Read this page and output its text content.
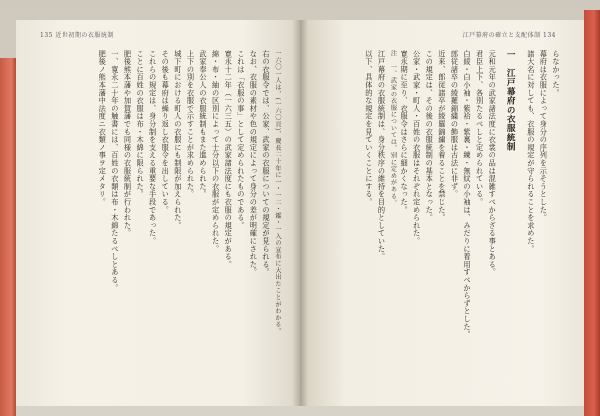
135 近世初期の衣服統制

一六〇一人は、(一六〇頁)、慶長二十年に一・一二・鑑・一入の宣布に大出たことがわかる。

右の衣服令では、公家、武家の衣服についての規定が見られる。

なお、衣服の素材や色の規定によって身分の差が明確にされた。

これは「衣服の事」として定められたものである。

寛永十二年（一六三五）の武家諸法度にも衣服の規定がある。

綿・布・紬の区別によって士分以下の衣服が定められた。

武家奉公人の衣服統制もまた進められた。

上下の別を衣服で示すことが求められた。

城下町における町人の衣服にも制限が加えられた。

その後も幕府は繰り返し衣服令を出している。

これらの規定は、身分制を支える重要な手段であった。

ことに百姓の衣服は布・木綿に限られた。

肥後熊本藩や加賀藩でも同様の衣服統制が行われた。

一、寛永二十年の触書には、百姓の衣類は布・木綿たるべしとある。

肥後ノ熊本藩中法度ニ衣類ノ事ヲ定メタリ。

江戸幕府の確立と支配体制 134

らなかった。

幕府は衣服によって身分の序列を示そうとした。

諸大名に対しても、衣服の規定が守られることを求めた。

一　江戸幕府の衣服統制

元和元年の武家諸法度に衣裳の品は混雑すべからざる事とある。

君臣上下、各別たるべしと定められている。

白綾・白小袖・紫袷・紫裏・練・無紋の小袖は、みだりに着用すべからずとした。

郎従諸卒の綾羅錦繍の飾服は古法に非ず。

近来、郎従諸卒が綾羅錦繍を着ることを禁じた。

この規定は、その後の衣服統制の基本となった。

公家・武家・町人・百姓の衣服はそれぞれ定められた。

寛永期に至り、衣服令はさらに細かくなった。

注　一、武家の衣服については、別に定めがある。

江戸幕府の衣服統制は、身分秩序の維持を目的としていた。

以下、具体的な規定を見ていくことにする。
